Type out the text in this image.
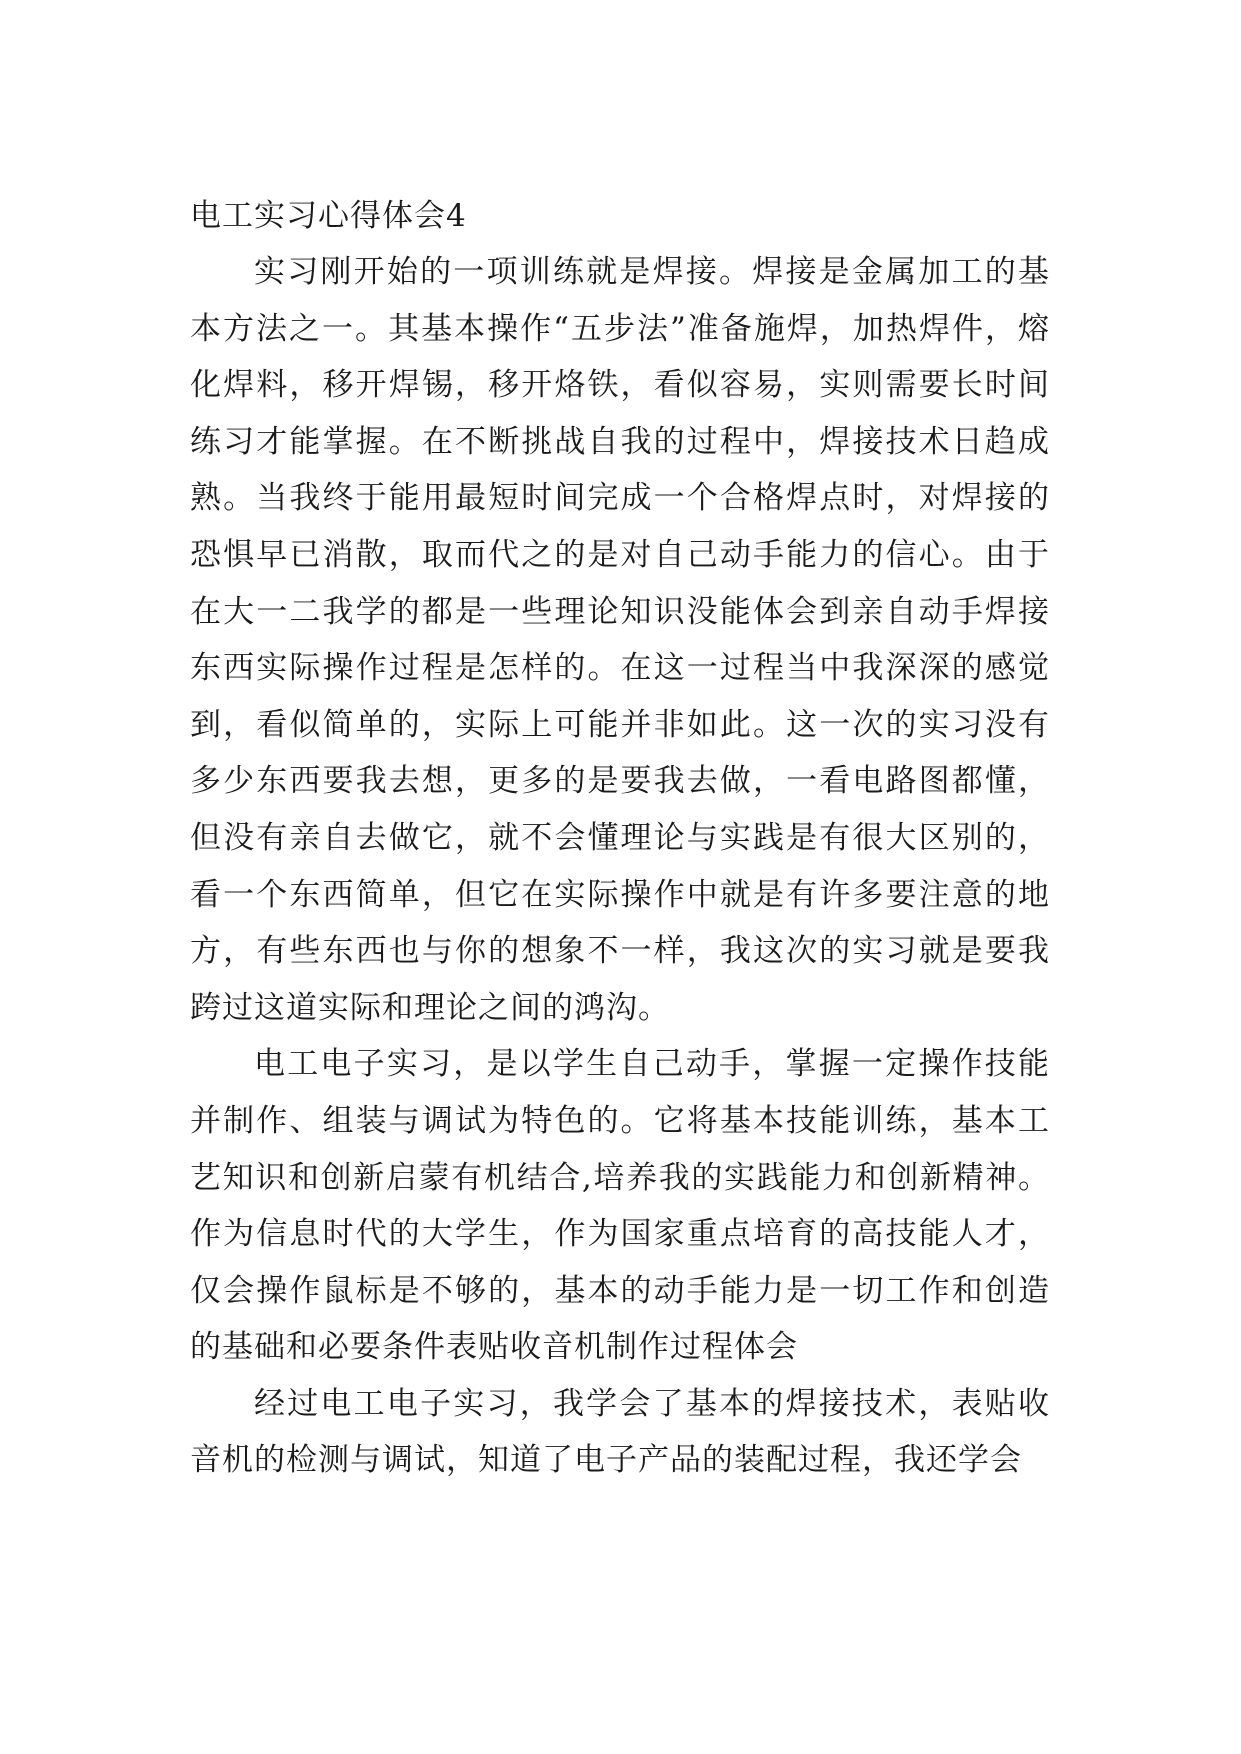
电工实习心得体会4

实习刚开始的一项训练就是焊接。焊接是金属加工的基本方法之一。其基本操作“五步法”准备施焊，加热焊件，熔化焊料，移开焊锡，移开烙铁，看似容易，实则需要长时间练习才能掌握。在不断挑战自我的过程中，焊接技术日趋成熟。当我终于能用最短时间完成一个合格焊点时，对焊接的恐惧早已消散，取而代之的是对自己动手能力的信心。由于在大一二我学的都是一些理论知识没能体会到亲自动手焊接东西实际操作过程是怎样的。在这一过程当中我深深的感觉到，看似简单的，实际上可能并非如此。这一次的实习没有多少东西要我去想，更多的是要我去做，一看电路图都懂，但没有亲自去做它，就不会懂理论与实践是有很大区别的，看一个东西简单，但它在实际操作中就是有许多要注意的地方，有些东西也与你的想象不一样，我这次的实习就是要我跨过这道实际和理论之间的鸿沟。

电工电子实习，是以学生自己动手，掌握一定操作技能并制作、组装与调试为特色的。它将基本技能训练，基本工艺知识和创新启蒙有机结合,培养我的实践能力和创新精神。作为信息时代的大学生，作为国家重点培育的高技能人才，仅会操作鼠标是不够的，基本的动手能力是一切工作和创造的基础和必要条件表贴收音机制作过程体会

经过电工电子实习，我学会了基本的焊接技术，表贴收音机的检测与调试，知道了电子产品的装配过程，我还学会
